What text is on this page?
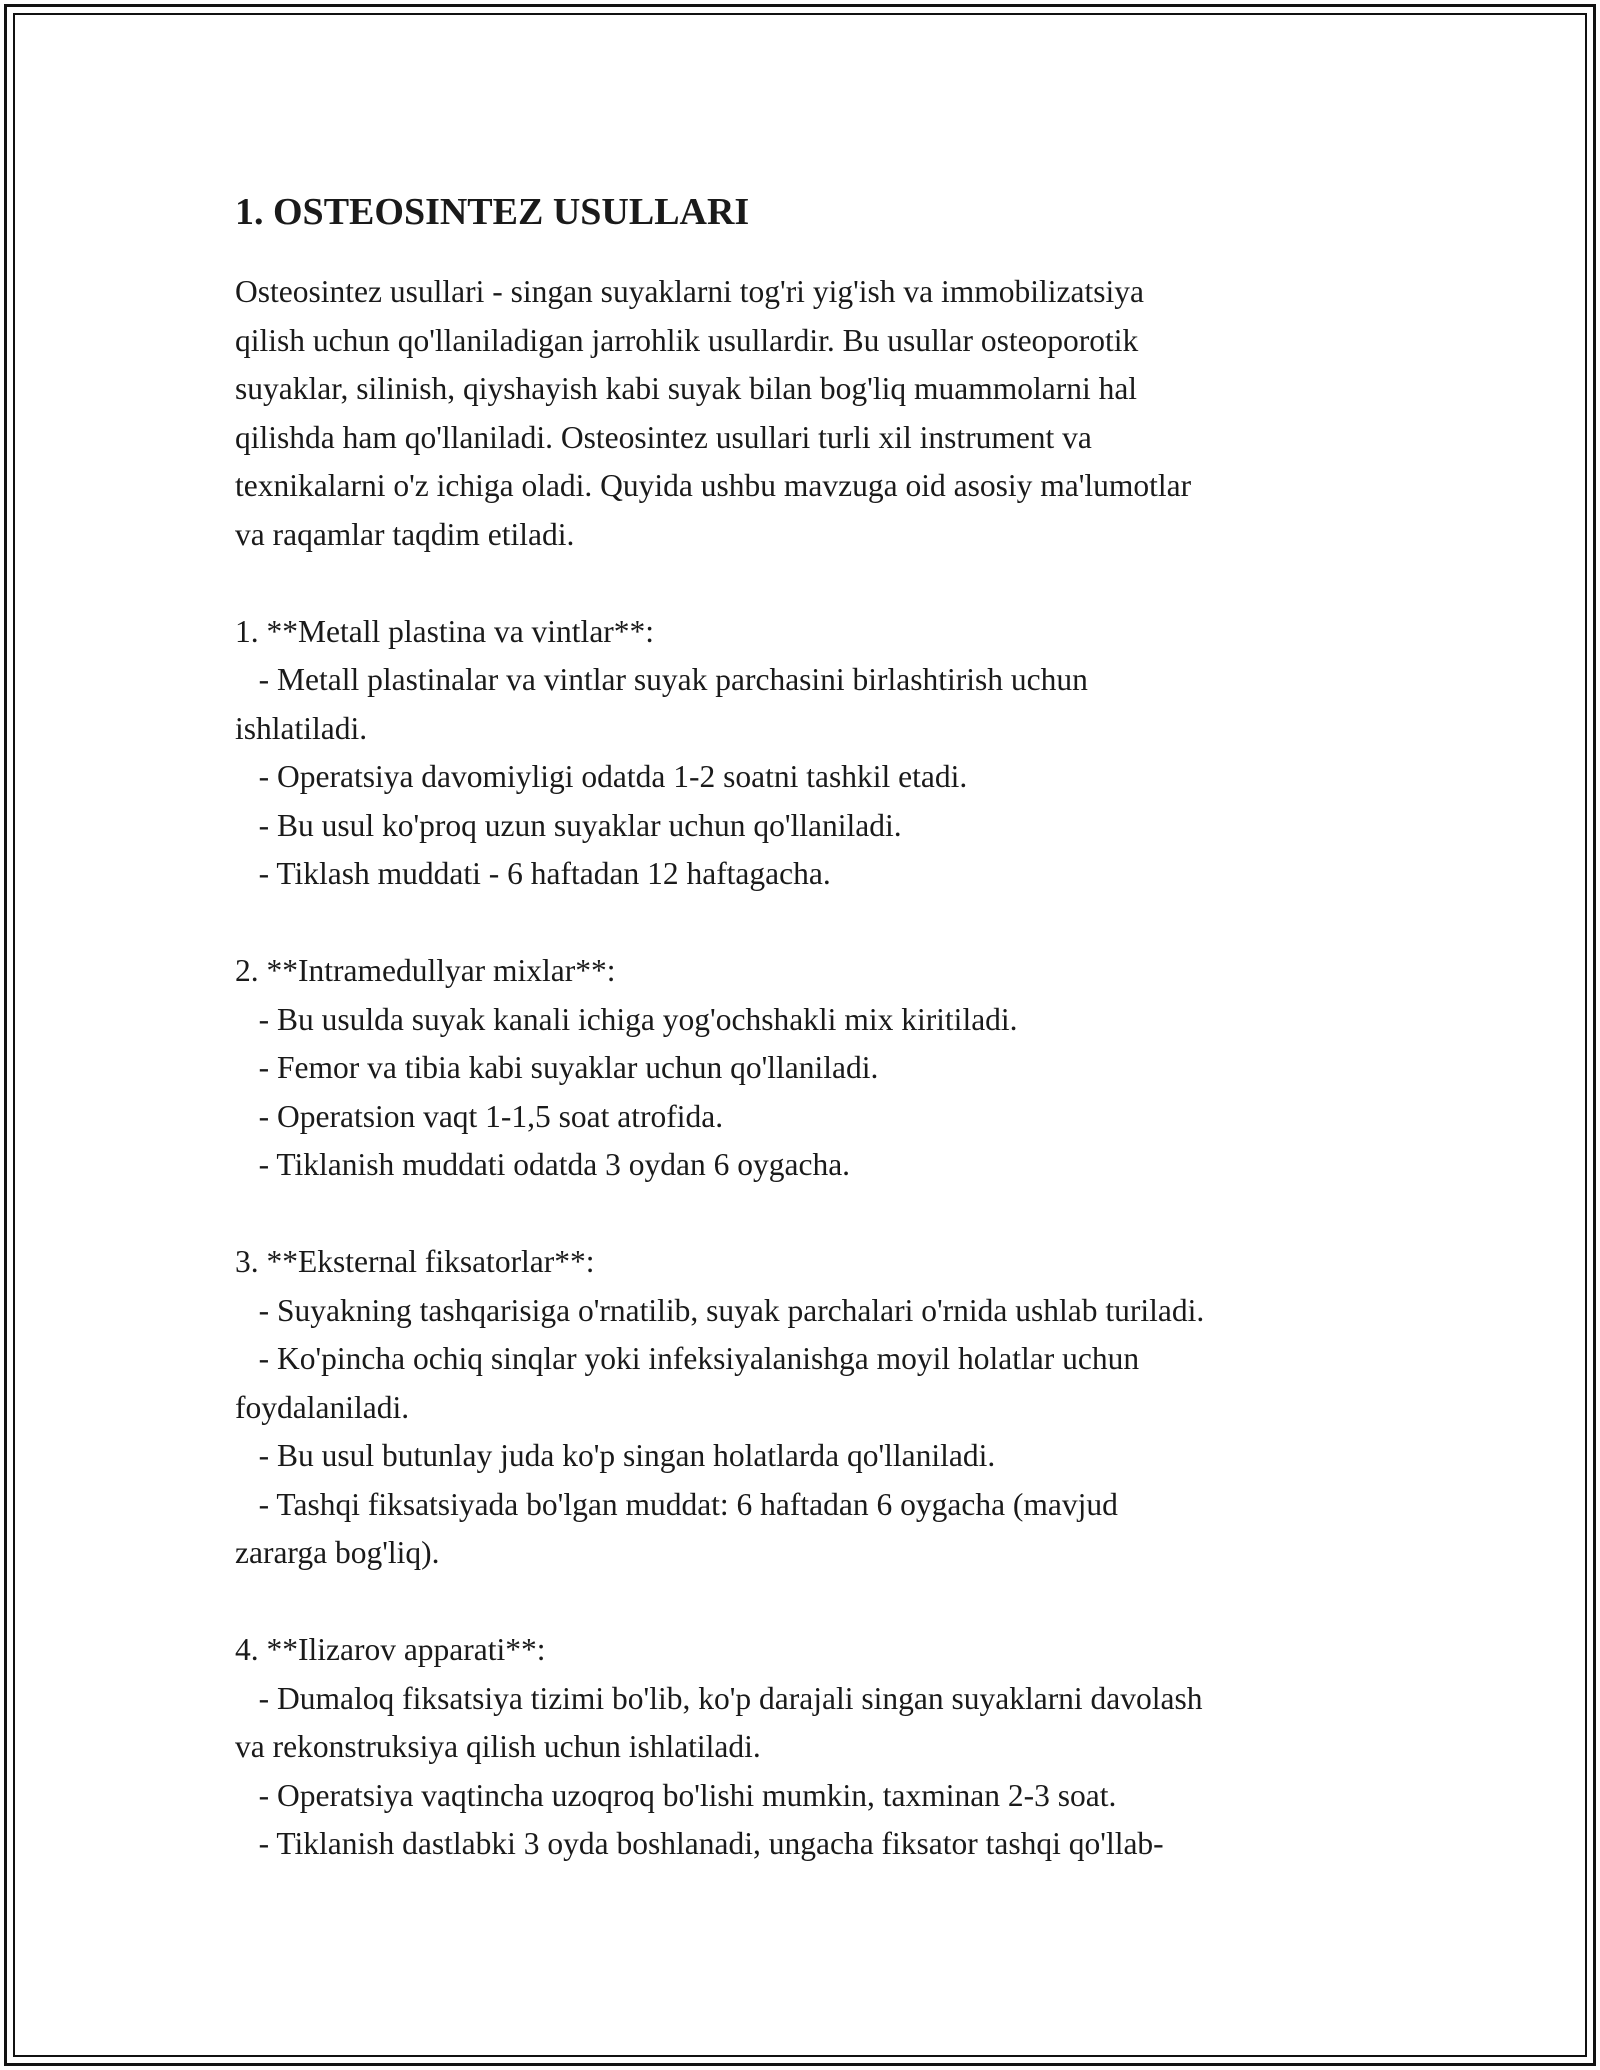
1. OSTEOSINTEZ USULLARI

Osteosintez usullari - singan suyaklarni tog'ri yig'ish va immobilizatsiya
qilish uchun qo'llaniladigan jarrohlik usullardir. Bu usullar osteoporotik
suyaklar, silinish, qiyshayish kabi suyak bilan bog'liq muammolarni hal
qilishda ham qo'llaniladi. Osteosintez usullari turli xil instrument va
texnikalarni o'z ichiga oladi. Quyida ushbu mavzuga oid asosiy ma'lumotlar
va raqamlar taqdim etiladi.

1. **Metall plastina va vintlar**:

- Metall plastinalar va vintlar suyak parchasini birlashtirish uchun
ishlatiladi.

- Operatsiya davomiyligi odatda 1-2 soatni tashkil etadi.

- Bu usul ko'proq uzun suyaklar uchun qo'llaniladi.

- Tiklash muddati - 6 haftadan 12 haftagacha.

2. **Intramedullyar mixlar**:

- Bu usulda suyak kanali ichiga yog'ochshakli mix kiritiladi.

- Femor va tibia kabi suyaklar uchun qo'llaniladi.

- Operatsion vaqt 1-1,5 soat atrofida.

- Tiklanish muddati odatda 3 oydan 6 oygacha.

3. **Eksternal fiksatorlar**:

- Suyakning tashqarisiga o'rnatilib, suyak parchalari o'rnida ushlab turiladi.

- Ko'pincha ochiq sinqlar yoki infeksiyalanishga moyil holatlar uchun
foydalaniladi.

- Bu usul butunlay juda ko'p singan holatlarda qo'llaniladi.

- Tashqi fiksatsiyada bo'lgan muddat: 6 haftadan 6 oygacha (mavjud
zararga bog'liq).

4. **Ilizarov apparati**:

- Dumaloq fiksatsiya tizimi bo'lib, ko'p darajali singan suyaklarni davolash
va rekonstruksiya qilish uchun ishlatiladi.

- Operatsiya vaqtincha uzoqroq bo'lishi mumkin, taxminan 2-3 soat.

- Tiklanish dastlabki 3 oyda boshlanadi, ungacha fiksator tashqi qo'llab-
